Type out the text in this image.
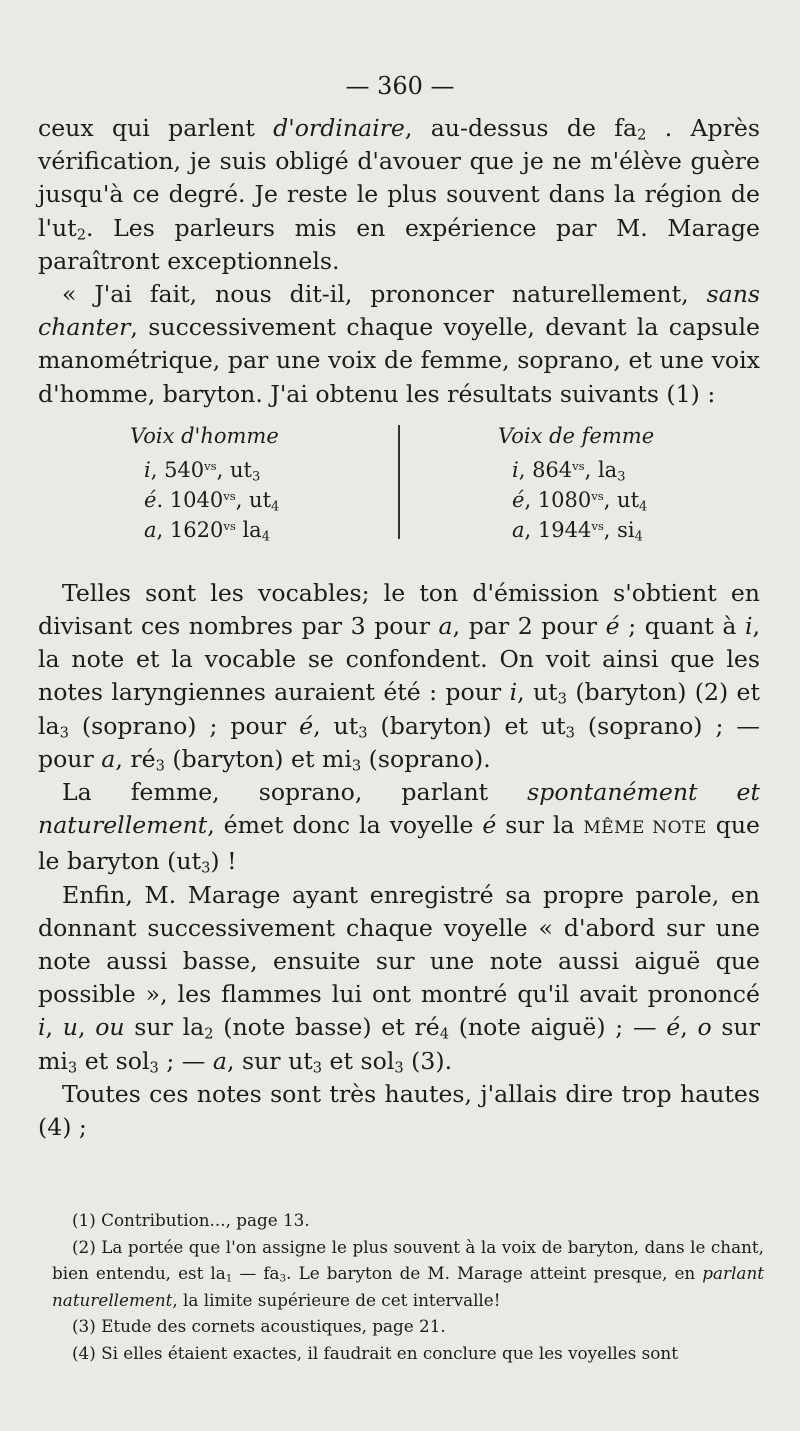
— 360 —

ceux qui parlent d'ordinaire, au-dessus de $fa_2$ . Après vérification, je suis obligé d'avouer que je ne m'élève guère jusqu'à ce degré. Je reste le plus souvent dans la région de $l'ut_2$. Les parleurs mis en expérience par M. Marage paraîtront exceptionnels.

« J'ai fait, nous dit-il, prononcer naturellement, sans chanter, successivement chaque voyelle, devant la capsule manométrique, par une voix de femme, soprano, et une voix d'homme, baryton. J'ai obtenu les résultats suivants (1) :

Voix d'homme
i, $540^{vs}$, $ut_3$
é. $1040^{vs}$, $ut_4$
a, $1620^{vs}$ $la_4$
Voix de femme
i, $864^{vs}$, $la_3$
é, $1080^{vs}$, $ut_4$
a, $1944^{vs}$, $si_4$

Telles sont les vocables; le ton d'émission s'obtient en divisant ces nombres par 3 pour a, par 2 pour é ; quant à i, la note et la vocable se confondent. On voit ainsi que les notes laryngiennes auraient été : pour i, $ut_3$ (baryton) (2) et $la_3$ (soprano) ; pour é, $ut_3$ (baryton) et $ut_3$ (soprano) ; — pour a, $ré_3$ (baryton) et $mi_3$ (soprano).

La femme, soprano, parlant spontanément et naturellement, émet donc la voyelle é sur la MÊME NOTE que le baryton $(ut_3)$ !

Enfin, M. Marage ayant enregistré sa propre parole, en donnant successivement chaque voyelle « d'abord sur une note aussi basse, ensuite sur une note aussi aiguë que possible », les flammes lui ont montré qu'il avait prononcé i, u, ou sur $la_2$ (note basse) et $ré_4$ (note aiguë) ; — é, o sur $mi_3$ et sol$_3$ ; — a, sur $ut_3$ et sol$_3$ (3).

Toutes ces notes sont très hautes, j'allais dire trop hautes (4) ;

(1) Contribution..., page 13.

(2) La portée que l'on assigne le plus souvent à la voix de baryton, dans le chant, bien entendu, est $la_1$ — $fa_3$. Le baryton de M. Marage atteint presque, en parlant naturellement, la limite supérieure de cet intervalle!

(3) Etude des cornets acoustiques, page 21.

(4) Si elles étaient exactes, il faudrait en conclure que les voyelles sont
